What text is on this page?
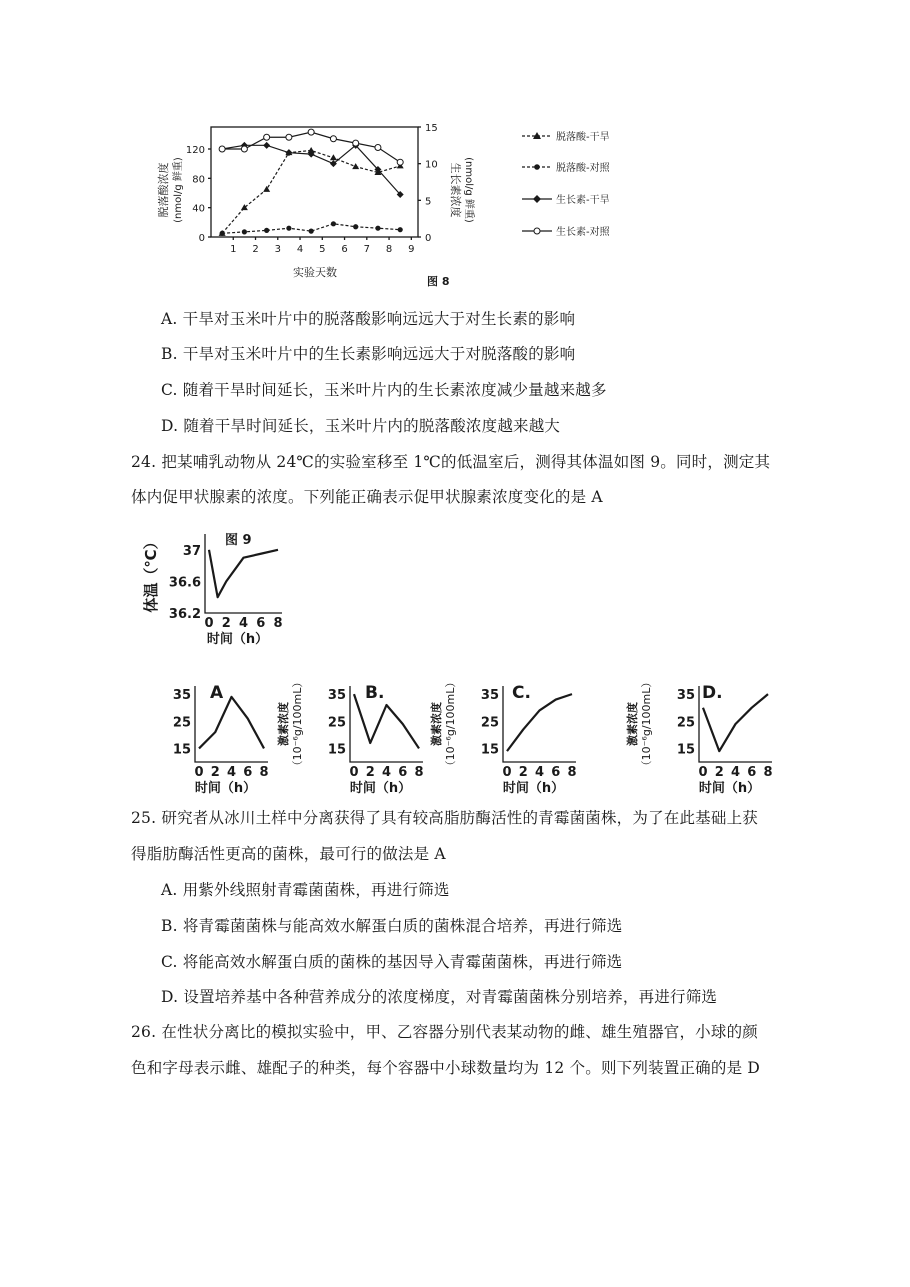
脱落酸浓度 (nmol/g 鲜重)	生长素浓度 (nmol/g 鲜重)
1 2 3 4 5 6 7 8 9
0
40
80
120
0
5
10
15
实验天数
图 8
脱落酸-干旱
脱落酸-对照
生长素-干旱
生长素-对照
A. 干旱对玉米叶片中的脱落酸影响远远大于对生长素的影响
B. 干旱对玉米叶片中的生长素影响远远大于对脱落酸的影响
C. 随着干旱时间延长，玉米叶片内的生长素浓度减少量越来越多
D. 随着干旱时间延长，玉米叶片内的脱落酸浓度越来越大
24. 把某哺乳动物从 24℃的实验室移至 1℃的低温室后，测得其体温如图 9。同时，测定其
体内促甲状腺素的浓度。下列能正确表示促甲状腺素浓度变化的是 A
0 2 4 6 8
36.2
36.6
37
时间（h）
体温（℃）	图 9
0 2 4 6 8
15
25
35
时间（h）
A
0 2 4 6 8
15
25
35
时间（h）
激素浓度 （10⁻⁶g/100mL）	B.
0 2 4 6 8
15
25
35
时间（h）
激素浓度 （10⁻⁶g/100mL）	C.
0 2 4 6 8
15
25
35
时间（h）
激素浓度 （10⁻⁶g/100mL）	D.
25. 研究者从冰川土样中分离获得了具有较高脂肪酶活性的青霉菌菌株，为了在此基础上获
得脂肪酶活性更高的菌株，最可行的做法是 A
A. 用紫外线照射青霉菌菌株，再进行筛选
B. 将青霉菌菌株与能高效水解蛋白质的菌株混合培养，再进行筛选
C. 将能高效水解蛋白质的菌株的基因导入青霉菌菌株，再进行筛选
D. 设置培养基中各种营养成分的浓度梯度，对青霉菌菌株分别培养，再进行筛选
26. 在性状分离比的模拟实验中，甲、乙容器分别代表某动物的雌、雄生殖器官，小球的颜
色和字母表示雌、雄配子的种类，每个容器中小球数量均为 12 个。则下列装置正确的是 D
